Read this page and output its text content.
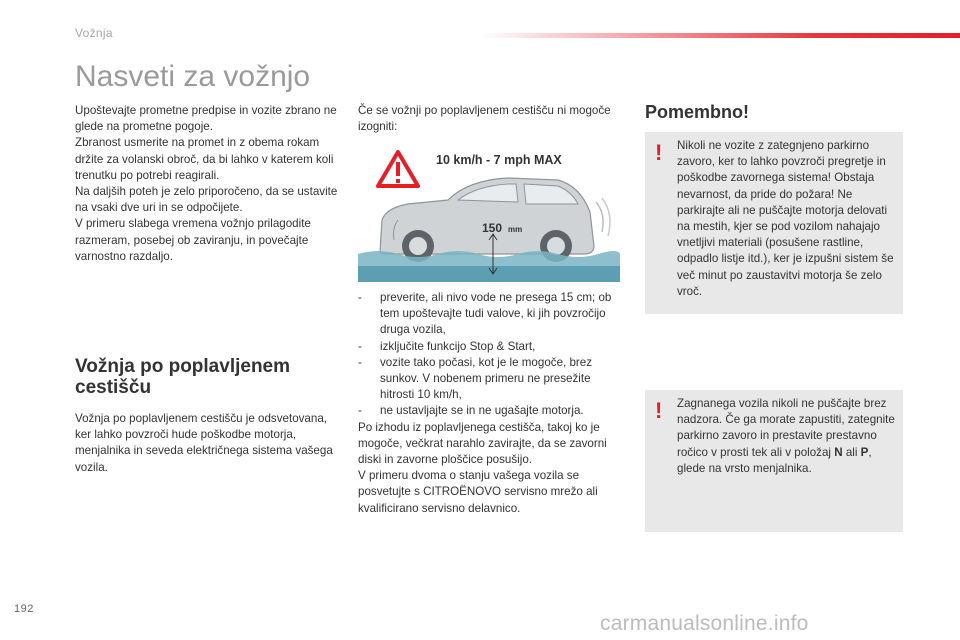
Vožnja
Nasveti za vožnjo

Upoštevajte prometne predpise in vozite zbrano ne glede na prometne pogoje.

Zbranost usmerite na promet in z obema rokam držite za volanski obroč, da bi lahko v katerem koli trenutku po potrebi reagirali.

Na daljših poteh je zelo priporočeno, da se ustavite na vsaki dve uri in se odpočijete.

V primeru slabega vremena vožnjo prilagodite razmeram, posebej ob zaviranju, in povečajte varnostno razdaljo.

Vožnja po poplavljenem cestišču

Vožnja po poplavljenem cestišču je odsvetovana, ker lahko povzroči hude poškodbe motorja, menjalnika in seveda električnega sistema vašega vozila.

Če se vožnji po poplavljenem cestišču ni mogoče izogniti:

10 km/h - 7 mph MAX
150 mm
- preverite, ali nivo vode ne presega 15 cm; ob tem upoštevajte tudi valove, ki jih povzročijo druga vozila,
- izključite funkcijo Stop & Start,
- vozite tako počasi, kot je le mogoče, brez sunkov. V nobenem primeru ne presežite hitrosti 10 km/h,
- ne ustavljajte se in ne ugašajte motorja.

Po izhodu iz poplavljenega cestišča, takoj ko je mogoče, večkrat narahlo zavirajte, da se zavorni diski in zavorne ploščice posušijo.

V primeru dvoma o stanju vašega vozila se posvetujte s CITROËNOVO servisno mrežo ali kvalificirano servisno delavnico.

Pomembno!
! Nikoli ne vozite z zategnjeno parkirno zavoro, ker to lahko povzroči pregretje in poškodbe zavornega sistema! Obstaja nevarnost, da pride do požara! Ne parkirajte ali ne puščajte motorja delovati na mestih, kjer se pod vozilom nahajajo vnetljivi materiali (posušene rastline, odpadlo listje itd.), ker je izpušni sistem še več minut po zaustavitvi motorja še zelo vroč.

! Zagnanega vozila nikoli ne puščajte brez nadzora. Če ga morate zapustiti, zategnite parkirno zavoro in prestavite prestavno ročico v prosti tek ali v položaj N ali P, glede na vrsto menjalnika.

192
carmanualsonline.info
